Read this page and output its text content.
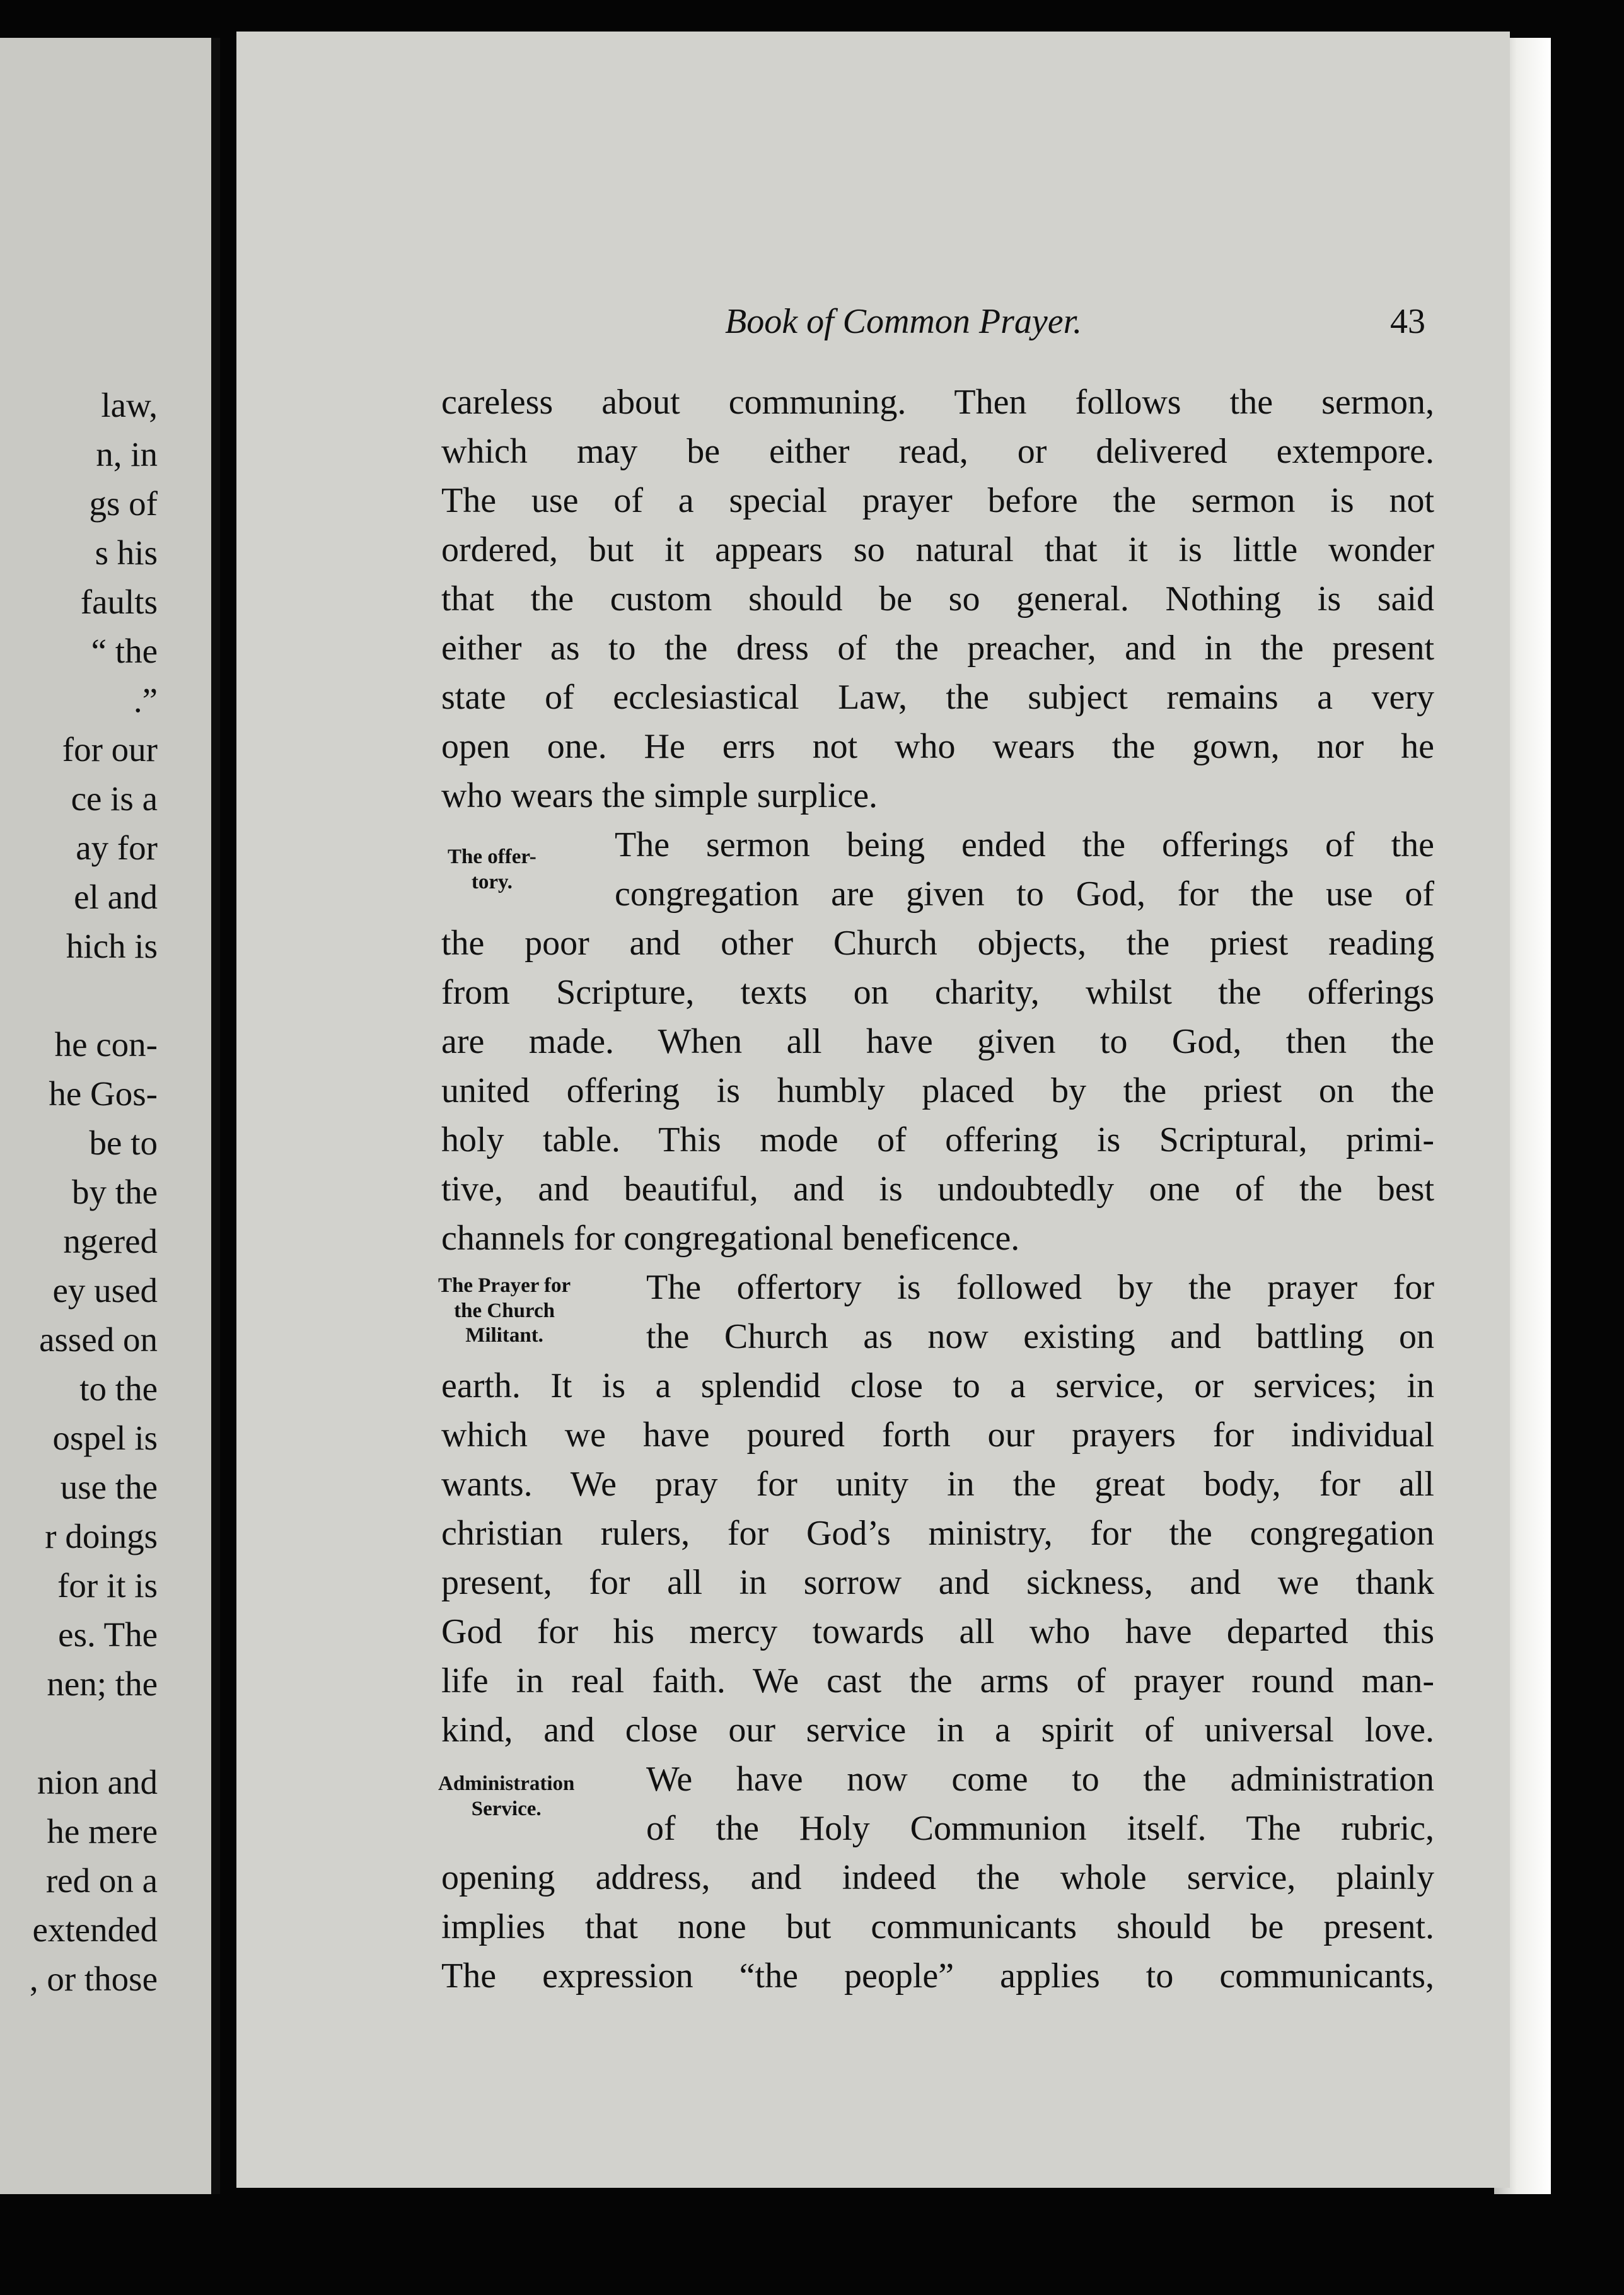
law,
n, in
gs of
s his
faults
“ the
.”
for our
ce is a
ay for
el and
hich is
he con-
he Gos-
be to
by the
ngered
ey used
assed on
to the
ospel is
use the
r doings
for it is
es. The
nen; the
nion and
he mere
red on a
extended
, or those
Book of Common Prayer.	43
The offer-
tory.
The Prayer for
the Church
Militant.
Administration
Service.
careless about communing. Then follows the sermon,
which may be either read, or delivered extempore.
The use of a special prayer before the sermon is not
ordered, but it appears so natural that it is little wonder
that the custom should be so general. Nothing is said
either as to the dress of the preacher, and in the present
state of ecclesiastical Law, the subject remains a very
open one. He errs not who wears the gown, nor he
who wears the simple surplice.
The sermon being ended the offerings of the
congregation are given to God, for the use of
the poor and other Church objects, the priest reading
from Scripture, texts on charity, whilst the offerings
are made. When all have given to God, then the
united offering is humbly placed by the priest on the
holy table. This mode of offering is Scriptural, primi-
tive, and beautiful, and is undoubtedly one of the best
channels for congregational beneficence.
The offertory is followed by the prayer for
the Church as now existing and battling on
earth. It is a splendid close to a service, or services; in
which we have poured forth our prayers for individual
wants. We pray for unity in the great body, for all
christian rulers, for God’s ministry, for the congregation
present, for all in sorrow and sickness, and we thank
God for his mercy towards all who have departed this
life in real faith. We cast the arms of prayer round man-
kind, and close our service in a spirit of universal love.
We have now come to the administration
of the Holy Communion itself. The rubric,
opening address, and indeed the whole service, plainly
implies that none but communicants should be present.
The expression “the people” applies to communicants,
